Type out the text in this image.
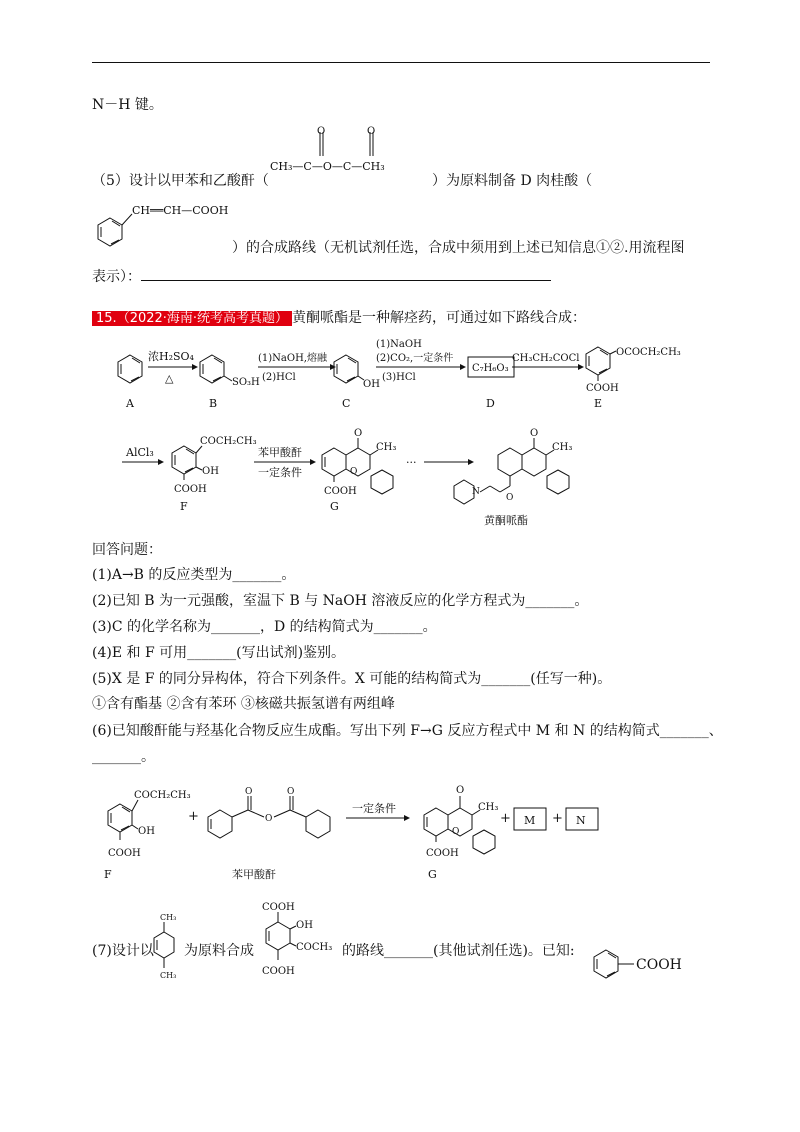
N－H 键。
O	O
CH₃—C—O—C—CH₃
（5）设计以甲苯和乙酸酐（	）为原料制备 D 肉桂酸（
CH══CH—COOH
）的合成路线（无机试剂任选，合成中须用到上述已知信息①②.用流程图
表示）：
15.（2022·海南·统考高考真题） 黄酮哌酯是一种解痉药，可通过如下路线合成：
A
浓H₂SO₄
△	SO₃H
B
(1)NaOH,熔融
(2)HCl
OH
C
(1)NaOH
(2)CO₂,一定条件
(3)HCl
C₇H₆O₃
D
CH₃CH₂COCl
OCOCH₂CH₃
COOH
E
AlCl₃
COCH₂CH₃
OH
COOH
F
苯甲酸酐
一定条件
O
CH₃
O
COOH
G
···
O
CH₃
N
O
黄酮哌酯
回答问题：
(1)A→B 的反应类型为_______。
(2)已知 B 为一元强酸，室温下 B 与 NaOH 溶液反应的化学方程式为_______。
(3)C 的化学名称为_______，D 的结构简式为_______。
(4)E 和 F 可用_______(写出试剂)鉴别。
(5)X 是 F 的同分异构体，符合下列条件。X 可能的结构简式为_______(任写一种)。
①含有酯基 ②含有苯环 ③核磁共振氢谱有两组峰
(6)已知酸酐能与羟基化合物反应生成酯。写出下列 F→G 反应方程式中 M 和 N 的结构简式_______、
_______。
COCH₂CH₃
OH
COOH
F
+
O
O
O
苯甲酸酐
一定条件
O
CH₃
O
COOH
G
+ M + N
(7)设计以
CH₃
CH₃
为原料合成
COOH
OH
COCH₃
COOH
的路线_______(其他试剂任选)。已知:
COOH
